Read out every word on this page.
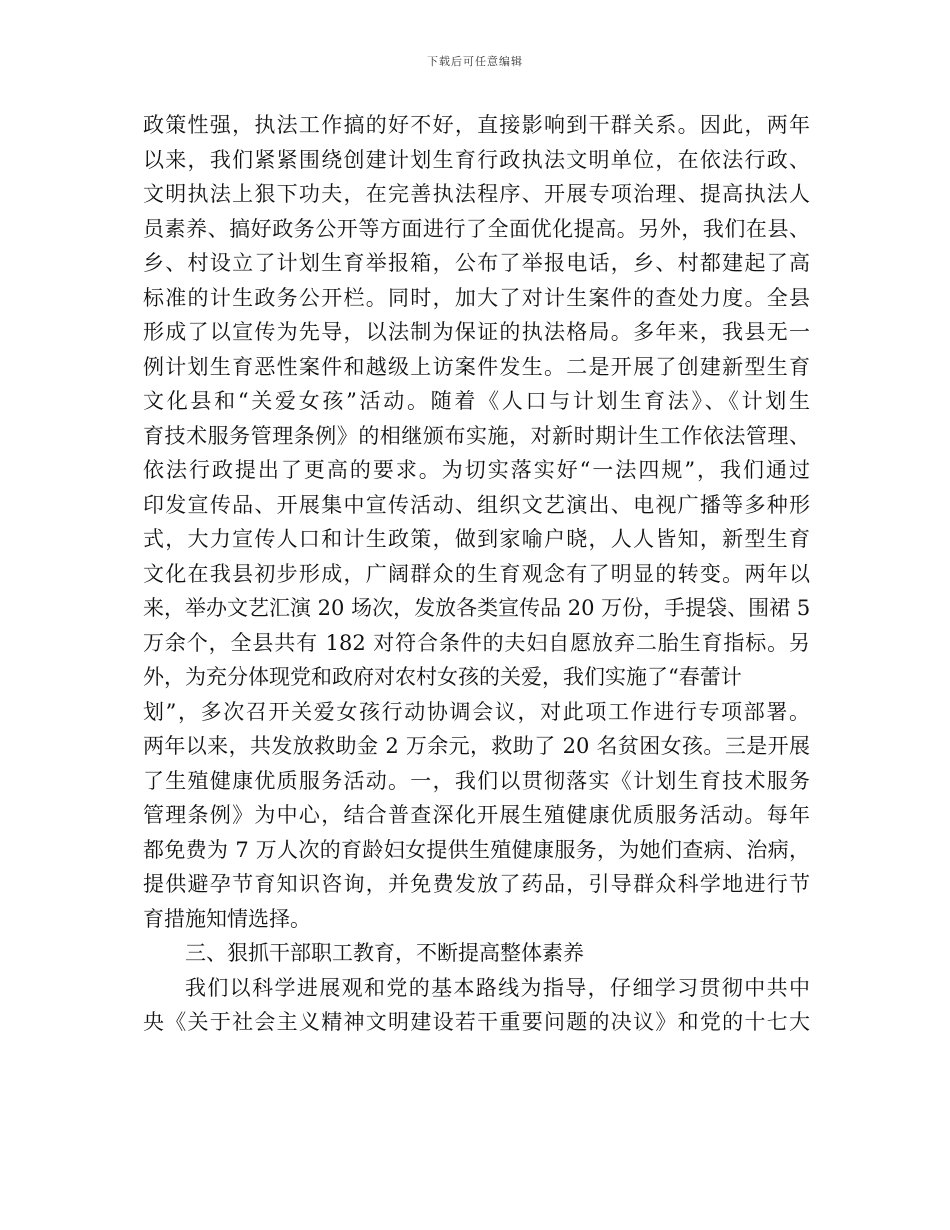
下载后可任意编辑
政策性强，执法工作搞的好不好，直接影响到干群关系。因此，两年
以来，我们紧紧围绕创建计划生育行政执法文明单位，在依法行政、
文明执法上狠下功夫，在完善执法程序、开展专项治理、提高执法人
员素养、搞好政务公开等方面进行了全面优化提高。另外，我们在县、
乡、村设立了计划生育举报箱，公布了举报电话，乡、村都建起了高
标准的计生政务公开栏。同时，加大了对计生案件的查处力度。全县
形成了以宣传为先导，以法制为保证的执法格局。多年来，我县无一
例计划生育恶性案件和越级上访案件发生。二是开展了创建新型生育
文化县和“关爱女孩”活动。随着《人口与计划生育法》、《计划生
育技术服务管理条例》的相继颁布实施，对新时期计生工作依法管理、
依法行政提出了更高的要求。为切实落实好“一法四规”，我们通过
印发宣传品、开展集中宣传活动、组织文艺演出、电视广播等多种形
式，大力宣传人口和计生政策，做到家喻户晓，人人皆知，新型生育
文化在我县初步形成，广阔群众的生育观念有了明显的转变。两年以
来，举办文艺汇演 20 场次，发放各类宣传品 20 万份，手提袋、围裙 5
万余个，全县共有 182 对符合条件的夫妇自愿放弃二胎生育指标。另
外，为充分体现党和政府对农村女孩的关爱，我们实施了“春蕾计
划”，多次召开关爱女孩行动协调会议，对此项工作进行专项部署。
两年以来，共发放救助金 2 万余元，救助了 20 名贫困女孩。三是开展
了生殖健康优质服务活动。一，我们以贯彻落实《计划生育技术服务
管理条例》为中心，结合普查深化开展生殖健康优质服务活动。每年
都免费为 7 万人次的育龄妇女提供生殖健康服务，为她们查病、治病，
提供避孕节育知识咨询，并免费发放了药品，引导群众科学地进行节
育措施知情选择。
三、狠抓干部职工教育，不断提高整体素养
我们以科学进展观和党的基本路线为指导，仔细学习贯彻中共中
央《关于社会主义精神文明建设若干重要问题的决议》和党的十七大
